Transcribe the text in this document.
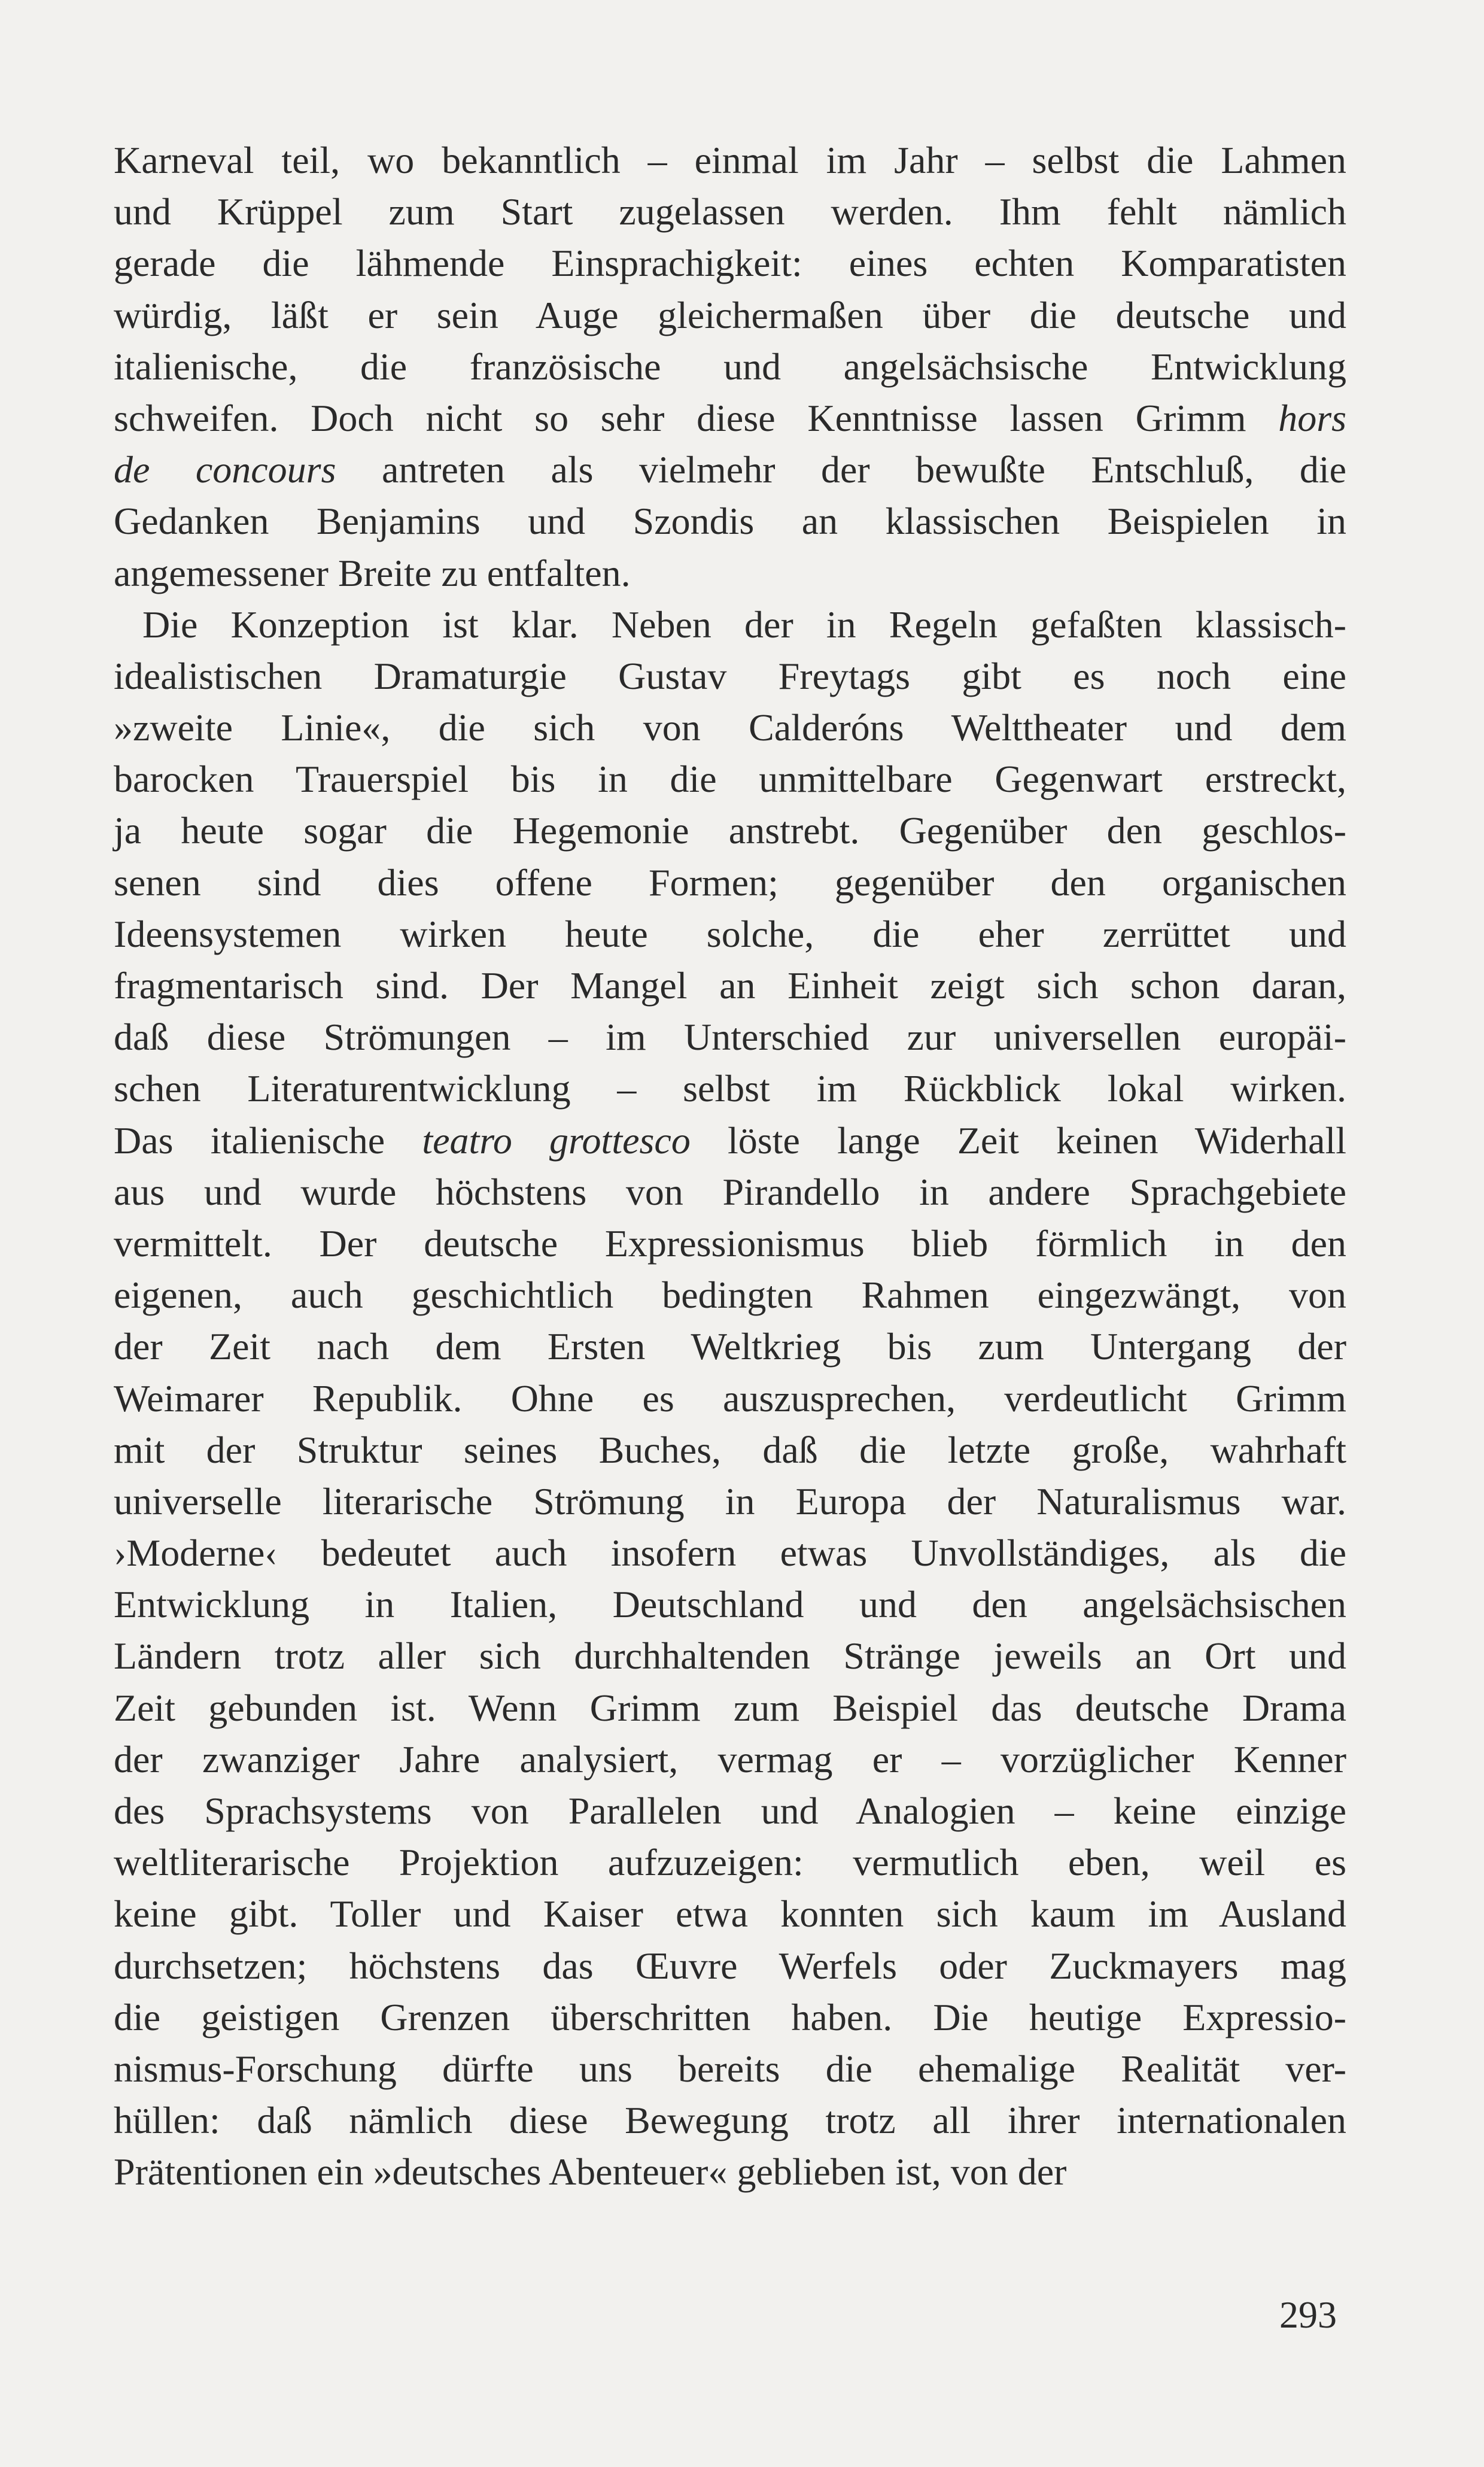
Karneval teil, wo bekanntlich – einmal im Jahr – selbst die Lahmen
und Krüppel zum Start zugelassen werden. Ihm fehlt nämlich
gerade die lähmende Einsprachigkeit: eines echten Komparatisten
würdig, läßt er sein Auge gleichermaßen über die deutsche und
italienische, die französische und angelsächsische Entwicklung
schweifen. Doch nicht so sehr diese Kenntnisse lassen Grimm hors
de concours antreten als vielmehr der bewußte Entschluß, die
Gedanken Benjamins und Szondis an klassischen Beispielen in
angemessener Breite zu entfalten.
Die Konzeption ist klar. Neben der in Regeln gefaßten klassisch-
idealistischen Dramaturgie Gustav Freytags gibt es noch eine
»zweite Linie«, die sich von Calderóns Welttheater und dem
barocken Trauerspiel bis in die unmittelbare Gegenwart erstreckt,
ja heute sogar die Hegemonie anstrebt. Gegenüber den geschlos-
senen sind dies offene Formen; gegenüber den organischen
Ideensystemen wirken heute solche, die eher zerrüttet und
fragmentarisch sind. Der Mangel an Einheit zeigt sich schon daran,
daß diese Strömungen – im Unterschied zur universellen europäi-
schen Literaturentwicklung – selbst im Rückblick lokal wirken.
Das italienische teatro grottesco löste lange Zeit keinen Widerhall
aus und wurde höchstens von Pirandello in andere Sprachgebiete
vermittelt. Der deutsche Expressionismus blieb förmlich in den
eigenen, auch geschichtlich bedingten Rahmen eingezwängt, von
der Zeit nach dem Ersten Weltkrieg bis zum Untergang der
Weimarer Republik. Ohne es auszusprechen, verdeutlicht Grimm
mit der Struktur seines Buches, daß die letzte große, wahrhaft
universelle literarische Strömung in Europa der Naturalismus war.
›Moderne‹ bedeutet auch insofern etwas Unvollständiges, als die
Entwicklung in Italien, Deutschland und den angelsächsischen
Ländern trotz aller sich durchhaltenden Stränge jeweils an Ort und
Zeit gebunden ist. Wenn Grimm zum Beispiel das deutsche Drama
der zwanziger Jahre analysiert, vermag er – vorzüglicher Kenner
des Sprachsystems von Parallelen und Analogien – keine einzige
weltliterarische Projektion aufzuzeigen: vermutlich eben, weil es
keine gibt. Toller und Kaiser etwa konnten sich kaum im Ausland
durchsetzen; höchstens das Œuvre Werfels oder Zuckmayers mag
die geistigen Grenzen überschritten haben. Die heutige Expressio-
nismus-Forschung dürfte uns bereits die ehemalige Realität ver-
hüllen: daß nämlich diese Bewegung trotz all ihrer internationalen
Prätentionen ein »deutsches Abenteuer« geblieben ist, von der
293
